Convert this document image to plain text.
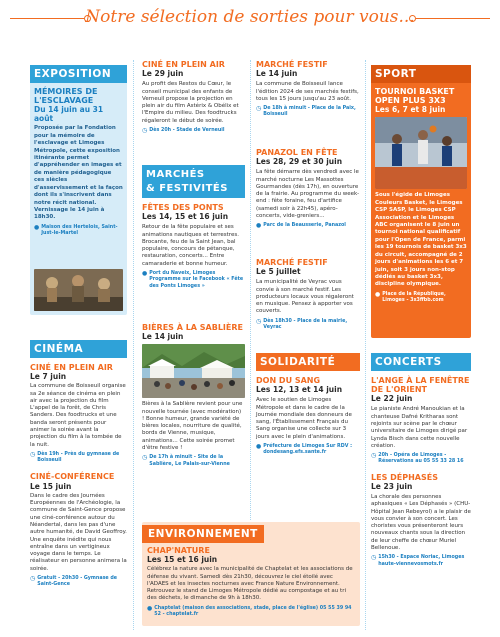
Notre sélection de sorties pour vous...
EXPOSITION
MÉMOIRES DE L'ESCLAVAGE
Du 14 juin au 31 août
Proposée par la Fondation pour la mémoire de l'esclavage et Limoges Métropole, cette exposition itinérante permet d'appréhender en images et de manière pédagogique ces siècles d'asservissement et la façon dont ils s'inscrivent dans notre récit national. Vernissage le 14 juin à 18h30.
● Maison des Hertelois, Saint-Just-le-Martel
CINÉMA
CINÉ EN PLEIN AIR
Le 7 juin
La commune de Boisseuil organise sa 2e séance de cinéma en plein air avec la projection du film L'appel de la forêt, de Chris Sanders. Des foodtrucks et une banda seront présents pour animer la soirée avant la projection du film à la tombée de la nuit.
◷ Dès 19h - Près du gymnase de Boisseuil
CINÉ-CONFÉRENCE
Le 15 juin
Dans le cadre des Journées Européennes de l'Archéologie, la commune de Saint-Gence propose une ciné-conférence autour du Néandertal, dans les pas d'une autre humanité, de David Geoffroy. Une enquête inédite qui nous entraîne dans un vertigineux voyage dans le temps. Le réalisateur en personne animera la soirée.
◷ Gratuit - 20h30 - Gymnase de Saint-Gence
CINÉ EN PLEIN AIR
Le 29 juin
Au profit des Restos du Cœur, le conseil municipal des enfants de Verneuil propose la projection en plein air du film Astérix & Obélix et l'Empire du milieu. Des foodtrucks régaleront le début de soirée.
◷ Dès 20h - Stade de Verneuil
MARCHÉS
& FESTIVITÉS
FÊTES DES PONTS
Les 14, 15 et 16 juin
Retour de la fête populaire et ses animations nautiques et terrestres. Brocante, feu de la Saint Jean, bal populaire, concours de pétanque, restauration, concerts... Entre camaraderie et bonne humeur.
● Port du Naveix, Limoges Programme sur le Facebook « Fête des Ponts Limoges »
BIÈRES À LA SABLIÈRE
Le 14 juin
Bières à la Sablière revient pour une nouvelle tournée (avec modération) ! Bonne humeur, grande variété de bières locales, nourriture de qualité, bords de Vienne, musique, animations... Cette soirée promet d'être festive !
◷ De 17h à minuit - Site de la Sablière, Le Palais-sur-Vienne
MARCHÉ FESTIF
Le 14 juin
La commune de Boisseuil lance l'édition 2024 de ses marchés festifs, tous les 15 jours jusqu'au 23 août.
◷ De 18h à minuit - Place de la Paix, Boisseuil
PANAZOL EN FÊTE
Les 28, 29 et 30 juin
La fête démarre dès vendredi avec le marché nocturne Les Massottes Gourmandes (dès 17h), en ouverture de la frairie. Au programme du week-end : fête foraine, feu d'artifice (samedi soir à 22h45), apéro-concerts, vide-greniers...
● Parc de la Beausserie, Panazol
MARCHÉ FESTIF
Le 5 juillet
La municipalité de Veyrac vous convie à son marché festif. Les producteurs locaux vous régaleront en musique. Pensez à apporter vos couverts.
◷ Dès 18h30 - Place de la mairie, Veyrac
SOLIDARITÉ
DON DU SANG
Les 12, 13 et 14 juin
Avec le soutien de Limoges Métropole et dans le cadre de la Journée mondiale des donneurs de sang, l'Établissement Français du Sang organise une collecte sur 3 jours avec le plein d'animations.
● Préfecture de Limoges Sur RDV : dondesang.efs.sante.fr
SPORT
TOURNOI BASKET OPEN PLUS 3X3
Les 6, 7 et 8 juin
Sous l'égide de Limoges Couleurs Basket, le Limoges CSP SASP, le Limoges CSP Association et le Limoges ABC organisent le 8 juin un tournoi national qualificatif pour l'Open de France, parmi les 19 tournois de basket 3x3 du circuit, accompagné de 2 jours d'animations les 6 et 7 juin, soit 3 jours non-stop dédiés au basket 3x3, discipline olympique.
● Place de la République, Limoges - 3x3ffbb.com
CONCERTS
L'ANGE À LA FENÊTRE DE L'ORIENT
Le 22 juin
Le pianiste André Manoukian et la chanteuse Dafné Kritharas sont rejoints sur scène par le chœur universitaire de Limoges dirigé par Lynda Bisch dans cette nouvelle création.
◷ 20h - Opéra de Limoges - Réservations au 05 55 33 28 16
LES DÉPHASÉS
Le 23 juin
La chorale des personnes aphasiques « Les Déphasés » (CHU-Hôpital Jean Rebeyrol) a le plaisir de vous convier à son concert. Les choristes vous présenteront leurs nouveaux chants sous la direction de leur cheffe de chœur Muriel Bellenoue.
◷ 15h30 - Espace Noriac, Limoges haute-viennevosmots.fr
ENVIRONNEMENT
CHAP'NATURE
Les 15 et 16 juin
Célébrez la nature avec la municipalité de Chaptelat et les associations de défense du vivant. Samedi dès 21h30, découvrez le ciel étoilé avec l'ADAES et les insectes nocturnes avec France Nature Environnement. Retrouvez le stand de Limoges Métropole dédié au compostage et au tri des déchets, le dimanche de 9h à 18h30.
● Chaptelat (maison des associations, stade, place de l'église) 05 55 39 94 52 - chaptelat.fr
